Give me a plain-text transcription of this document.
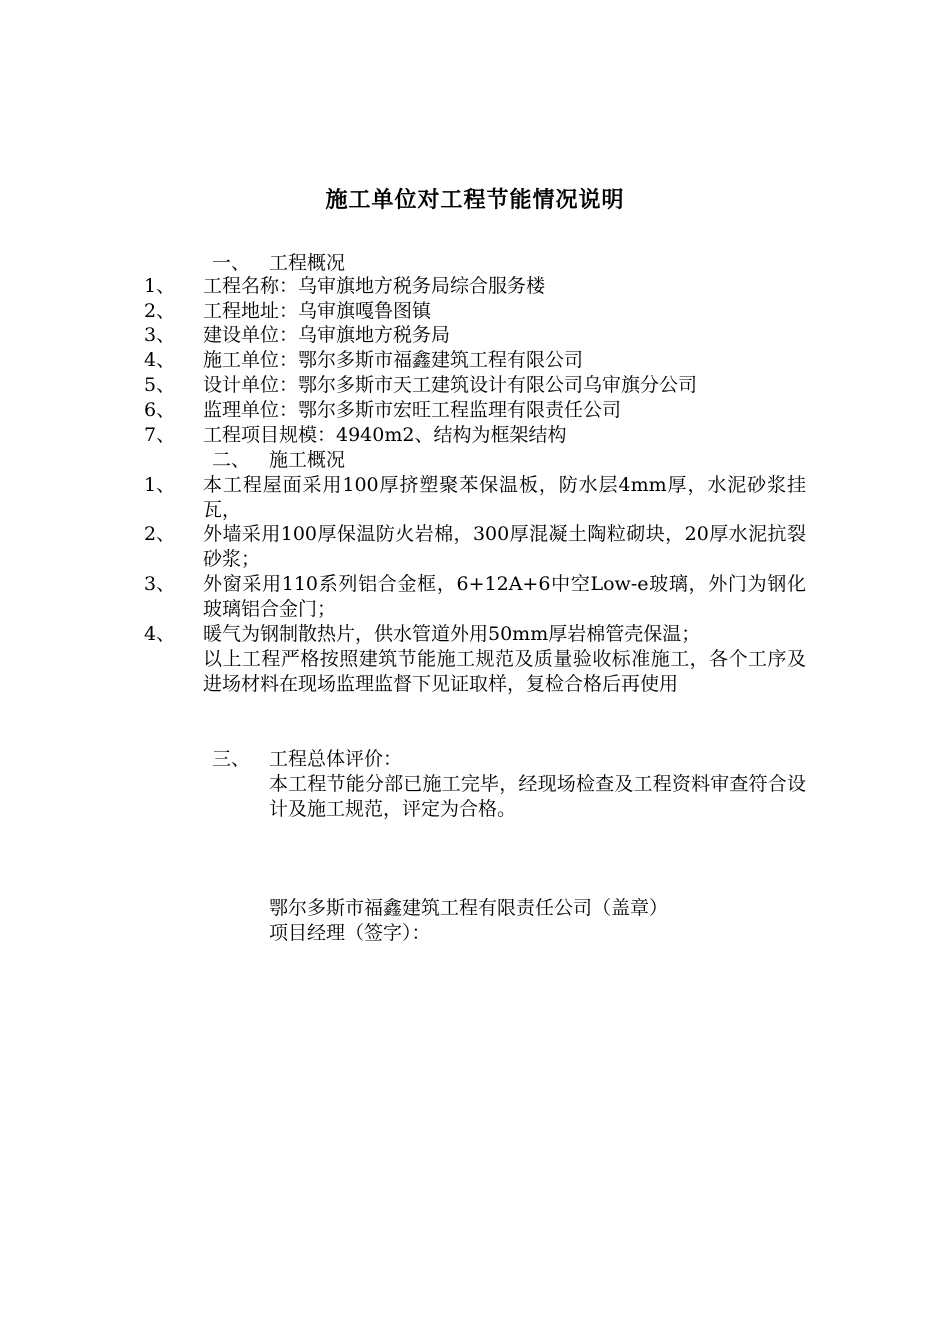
施工单位对工程节能情况说明
一、 工程概况
1、 工程名称：乌审旗地方税务局综合服务楼
2、 工程地址：乌审旗嘎鲁图镇
3、 建设单位：乌审旗地方税务局
4、 施工单位：鄂尔多斯市福鑫建筑工程有限公司
5、 设计单位：鄂尔多斯市天工建筑设计有限公司乌审旗分公司
6、 监理单位：鄂尔多斯市宏旺工程监理有限责任公司
7、 工程项目规模：4940m2、结构为框架结构
二、 施工概况
1、 本工程屋面采用100厚挤塑聚苯保温板，防水层4mm厚，水泥砂浆挂瓦，
2、 外墙采用100厚保温防火岩棉，300厚混凝土陶粒砌块，20厚水泥抗裂砂浆；
3、 外窗采用110系列铝合金框，6+12A+6中空Low-e玻璃，外门为钢化玻璃铝合金门；
4、 暖气为钢制散热片，供水管道外用50mm厚岩棉管壳保温；
以上工程严格按照建筑节能施工规范及质量验收标准施工，各个工序及进场材料在现场监理监督下见证取样，复检合格后再使用
三、 工程总体评价：
本工程节能分部已施工完毕，经现场检查及工程资料审查符合设计及施工规范，评定为合格。
鄂尔多斯市福鑫建筑工程有限责任公司（盖章）
项目经理（签字）：
